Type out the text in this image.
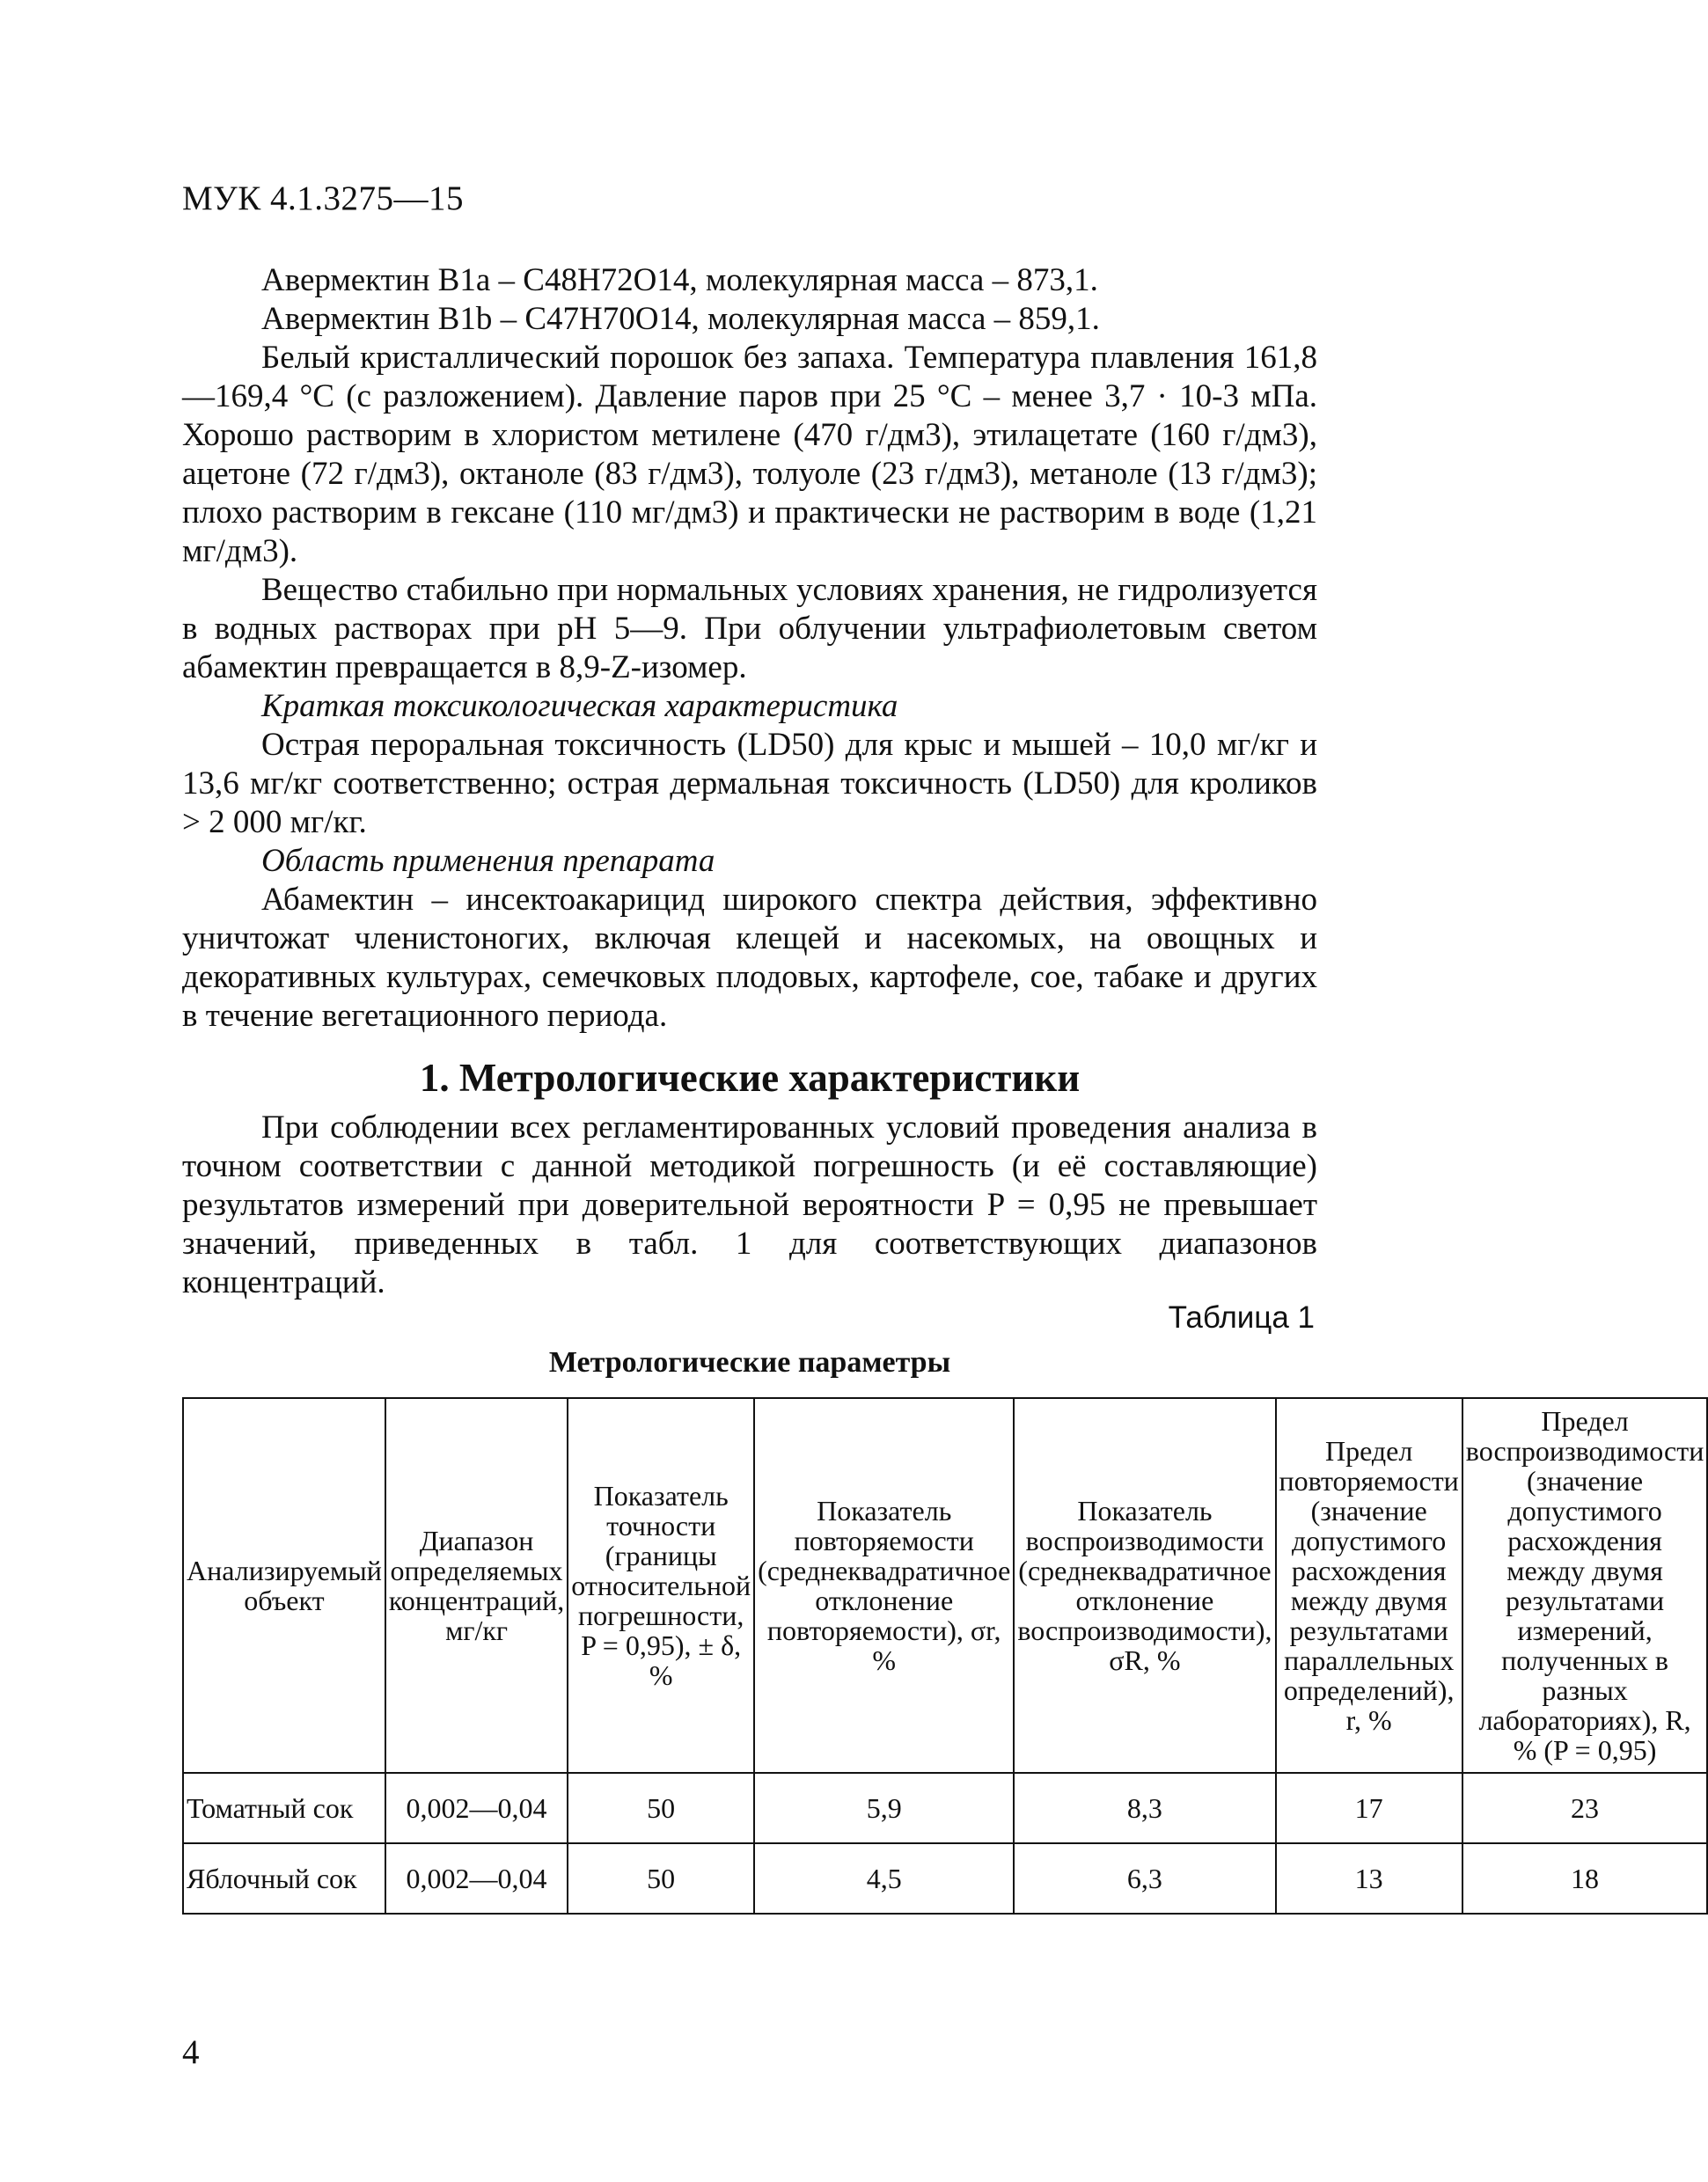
МУК 4.1.3275—15

Авермектин B1a – C48H72O14, молекулярная масса – 873,1.

Авермектин B1b – C47H70O14, молекулярная масса – 859,1.

Белый кристаллический порошок без запаха. Температура плавления 161,8—169,4 °C (с разложением). Давление паров при 25 °C – менее 3,7 · 10-3 мПа. Хорошо растворим в хлористом метилене (470 г/дм3), этилацетате (160 г/дм3), ацетоне (72 г/дм3), октаноле (83 г/дм3), толуоле (23 г/дм3), метаноле (13 г/дм3); плохо растворим в гексане (110 мг/дм3) и практически не растворим в воде (1,21 мг/дм3).

Вещество стабильно при нормальных условиях хранения, не гидролизуется в водных растворах при pH 5—9. При облучении ультрафиолетовым светом абамектин превращается в 8,9-Z-изомер.

Краткая токсикологическая характеристика

Острая пероральная токсичность (LD50) для крыс и мышей – 10,0 мг/кг и 13,6 мг/кг соответственно; острая дермальная токсичность (LD50) для кроликов > 2 000 мг/кг.

Область применения препарата

Абамектин – инсектоакарицид широкого спектра действия, эффективно уничтожат членистоногих, включая клещей и насекомых, на овощных и декоративных культурах, семечковых плодовых, картофеле, сое, табаке и других в течение вегетационного периода.

1. Метрологические характеристики

При соблюдении всех регламентированных условий проведения анализа в точном соответствии с данной методикой погрешность (и её составляющие) результатов измерений при доверительной вероятности P = 0,95 не превышает значений, приведенных в табл. 1 для соответствующих диапазонов концентраций.

Таблица 1
Метрологические параметры
Анализируемый объект	Диапазон определяемых концентраций, мг/кг	Показатель точности (границы относительной погрешности, P = 0,95), ± δ, %	Показатель повторяемости (среднеквадратичное отклонение повторяемости), σr, %	Показатель воспроизводимости (среднеквадратичное отклонение воспроизводимости), σR, %	Предел повторяемости (значение допустимого расхождения между двумя результатами параллельных определений), r, %	Предел воспроизводимости (значение допустимого расхождения между двумя результатами измерений, полученных в разных лабораториях), R, % (P = 0,95)
Томатный сок	0,002—0,04	50	5,9	8,3	17	23
Яблочный сок	0,002—0,04	50	4,5	6,3	13	18
4
